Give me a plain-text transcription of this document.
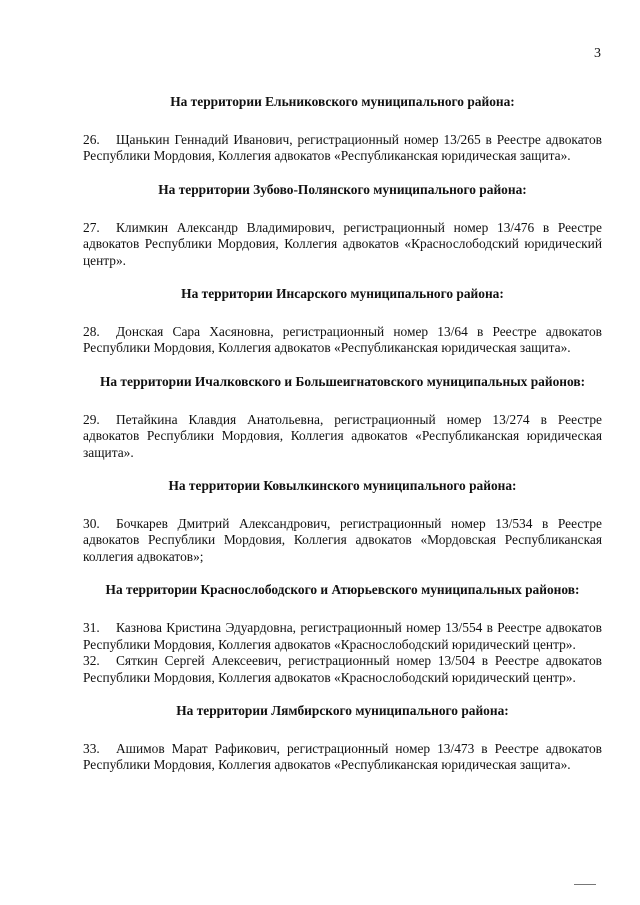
3

На территории Ельниковского муниципального района:

26. Щанькин Геннадий Иванович, регистрационный номер 13/265 в Реестре адвокатов Республики Мордовия, Коллегия адвокатов «Республиканская юридическая защита».

На территории Зубово-Полянского муниципального района:

27. Климкин Александр Владимирович, регистрационный номер 13/476 в Реестре адвокатов Республики Мордовия, Коллегия адвокатов «Краснослободский юридический центр».

На территории Инсарского муниципального района:

28. Донская Сара Хасяновна, регистрационный номер 13/64 в Реестре адвокатов Республики Мордовия, Коллегия адвокатов «Республиканская юридическая защита».

На территории Ичалковского и Большеигнатовского муниципальных районов:

29. Петайкина Клавдия Анатольевна, регистрационный номер 13/274 в Реестре адвокатов Республики Мордовия, Коллегия адвокатов «Республиканская юридическая защита».

На территории Ковылкинского муниципального района:

30. Бочкарев Дмитрий Александрович, регистрационный номер 13/534 в Реестре адвокатов Республики Мордовия, Коллегия адвокатов «Мордовская Республиканская коллегия адвокатов»;

На территории Краснослободского и Атюрьевского муниципальных районов:

31. Казнова Кристина Эдуардовна, регистрационный номер 13/554 в Реестре адвокатов Республики Мордовия, Коллегия адвокатов «Краснослободский юридический центр».

32. Сяткин Сергей Алексеевич, регистрационный номер 13/504 в Реестре адвокатов Республики Мордовия, Коллегия адвокатов «Краснослободский юридический центр».

На территории Лямбирского муниципального района:

33. Ашимов Марат Рафикович, регистрационный номер 13/473 в Реестре адвокатов Республики Мордовия, Коллегия адвокатов «Республиканская юридическая защита».
